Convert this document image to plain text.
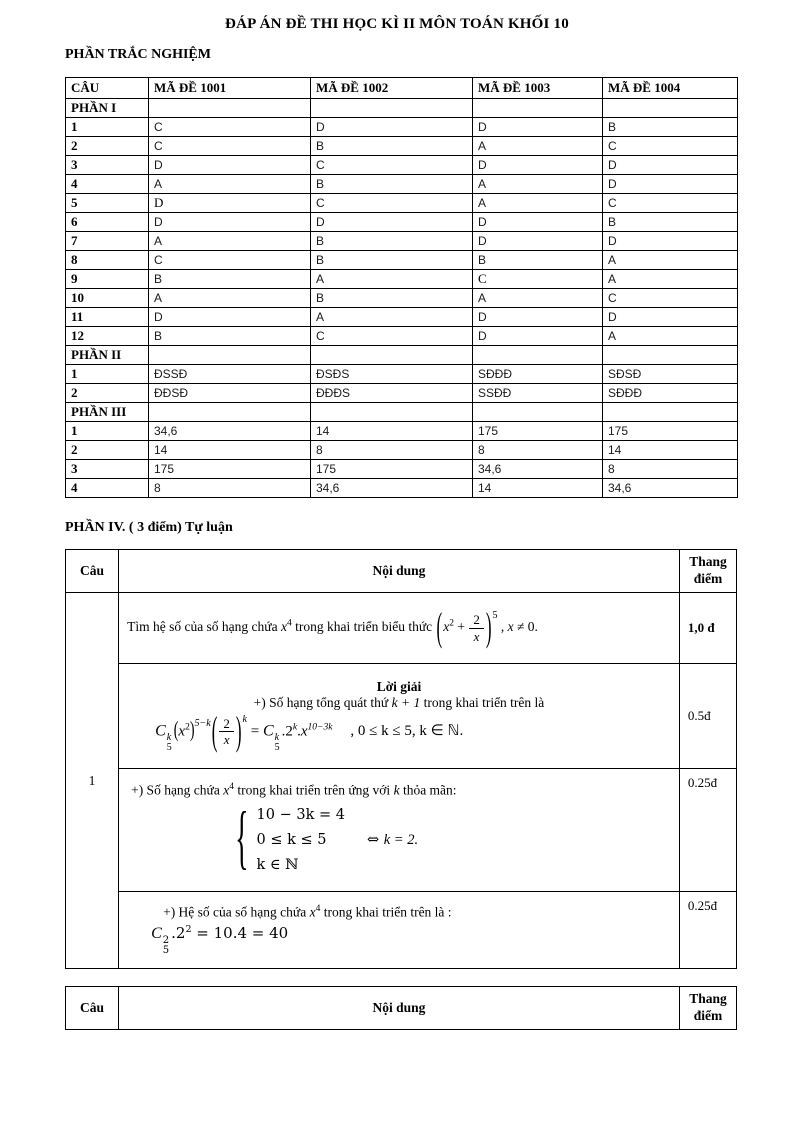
ĐÁP ÁN ĐỀ THI HỌC KÌ II MÔN TOÁN KHỐI 10
PHẦN TRẮC NGHIỆM
CÂU	MÃ ĐỀ 1001	MÃ ĐỀ 1002	MÃ ĐỀ 1003	MÃ ĐỀ 1004
PHẦN I				
1	C	D	D	B
2	C	B	A	C
3	D	C	D	D
4	A	B	A	D
5	D	C	A	C
6	D	D	D	B
7	A	B	D	D
8	C	B	B	A
9	B	A	C	A
10	A	B	A	C
11	D	A	D	D
12	B	C	D	A
PHẦN II				
1	ĐSSĐ	ĐSĐS	SĐĐĐ	SĐSĐ
2	ĐĐSĐ	ĐĐĐS	SSĐĐ	SĐĐĐ
PHẦN III				
1	34,6	14	175	175
2	14	8	8	14
3	175	175	34,6	8
4	8	34,6	14	34,6
PHẦN IV. ( 3 điểm) Tự luận
Câu	Nội dung	Thang
điểm

1	Tìm hệ số của số hạng chứa $x^4$ trong khai triển biểu thức $(x^2 + \frac{2}{x} )^5$ , x ≠ 0.	1,0 đ

Lời giải
+) Số hạng tổng quát thứ k + 1 trong khai triển trên là
C k
5
$(x^2)^{5-k}( \frac{2}{x} )^k = C$ k
5
$.2^k.x^{10-3k}$ , 0 ≤ k ≤ 5, k ∈ ℕ.
	0.5đ

+) Số hạng chứa $x^4$ trong khai triển trên ứng với k thỏa mãn:
{ 10 − 3k = 4
0 ≤ k ≤ 5
k ∈ ℕ
⇔ k = 2.
	0.25đ

	+) Hệ số của số hạng chứa $x^4$ trong khai triển trên là :
C 2
5
$.2^2 = 10.4 = 40$	0.25đ
Câu	Nội dung	
Thang
điểm
